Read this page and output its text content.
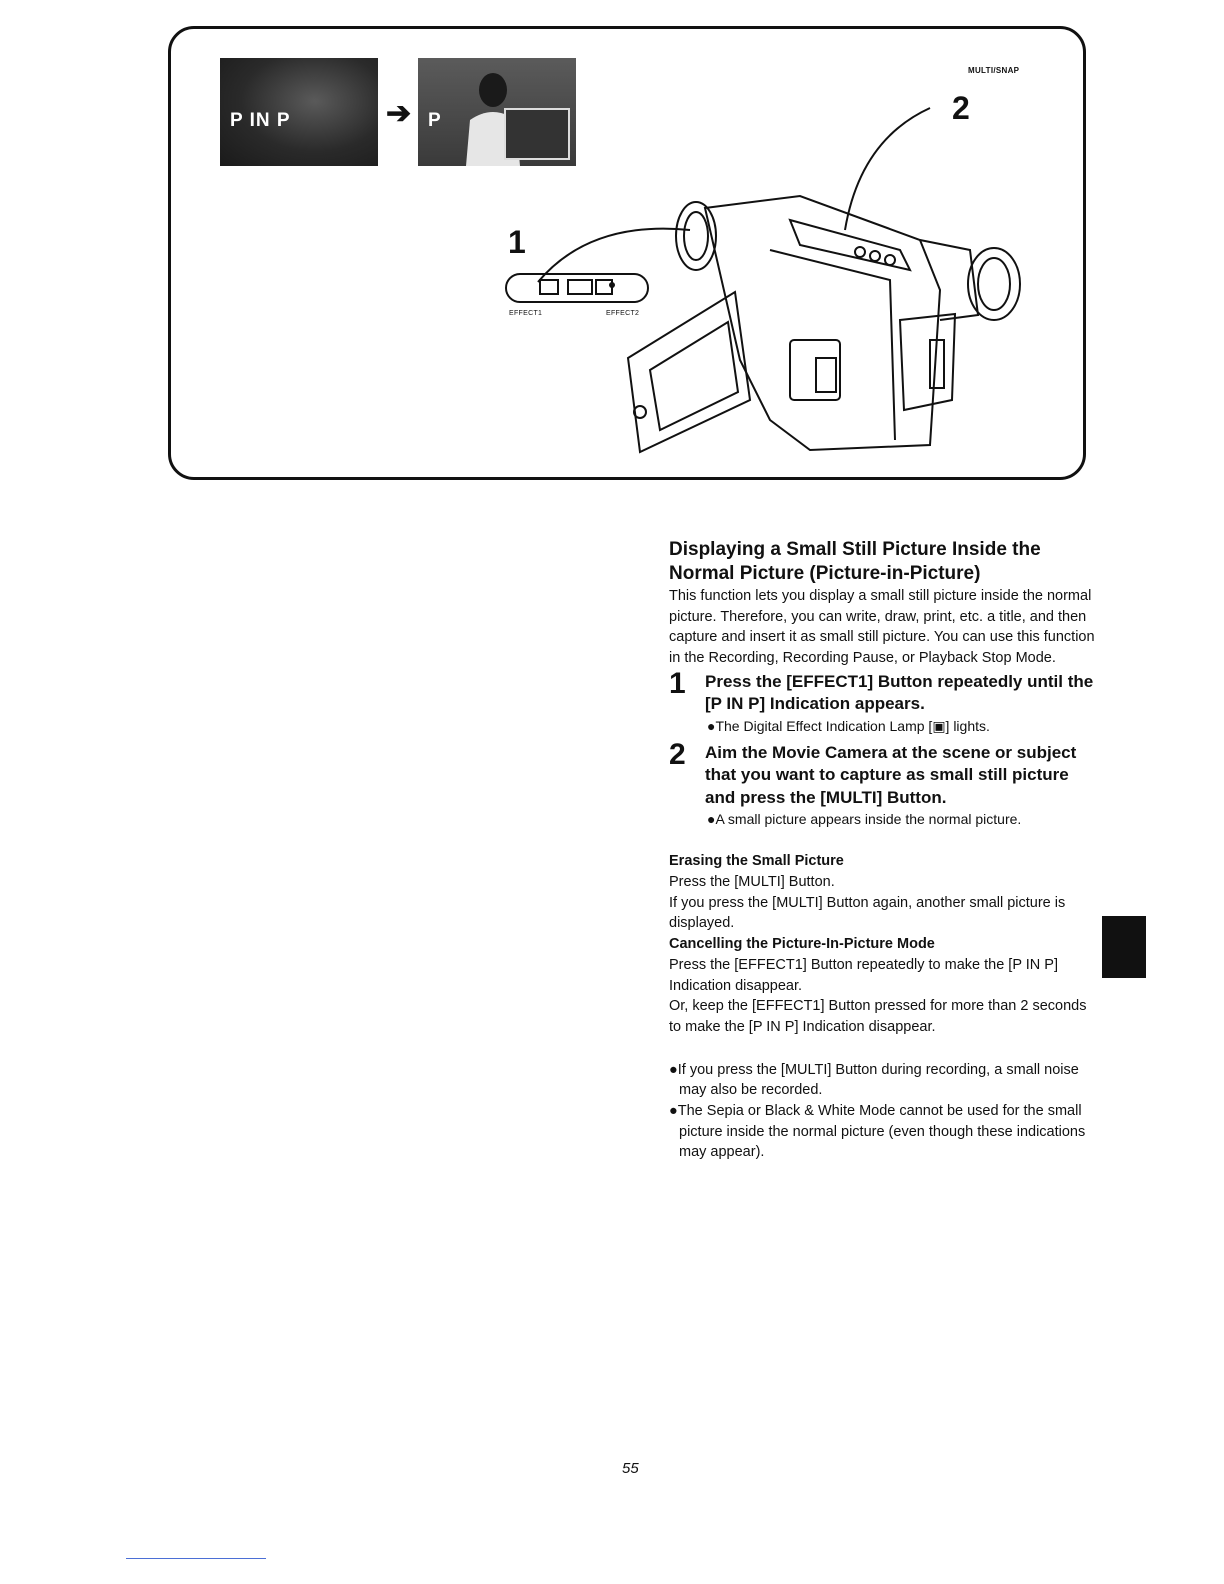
P IN P	➔ P
MULTI/SNAP
2
1
EFFECT1	EFFECT2

Displaying a Small Still Picture Inside the Normal Picture (Picture-in-Picture)

This function lets you display a small still picture inside the normal picture. Therefore, you can write, draw, print, etc. a title, and then capture and insert it as small still picture. You can use this function in the Recording, Recording Pause, or Playback Stop Mode.

1 Press the [EFFECT1] Button repeatedly until the [P IN P] Indication appears.

●The Digital Effect Indication Lamp [▣] lights.

2 Aim the Movie Camera at the scene or subject that you want to capture as small still picture and press the [MULTI] Button.

●A small picture appears inside the normal picture.

Erasing the Small Picture

Press the [MULTI] Button.

If you press the [MULTI] Button again, another small picture is displayed.

Cancelling the Picture-In-Picture Mode

Press the [EFFECT1] Button repeatedly to make the [P IN P] Indication disappear.

Or, keep the [EFFECT1] Button pressed for more than 2 seconds to make the [P IN P] Indication disappear.

●If you press the [MULTI] Button during recording, a small noise may also be recorded.

●The Sepia or Black & White Mode cannot be used for the small picture inside the normal picture (even though these indications may appear).

55
